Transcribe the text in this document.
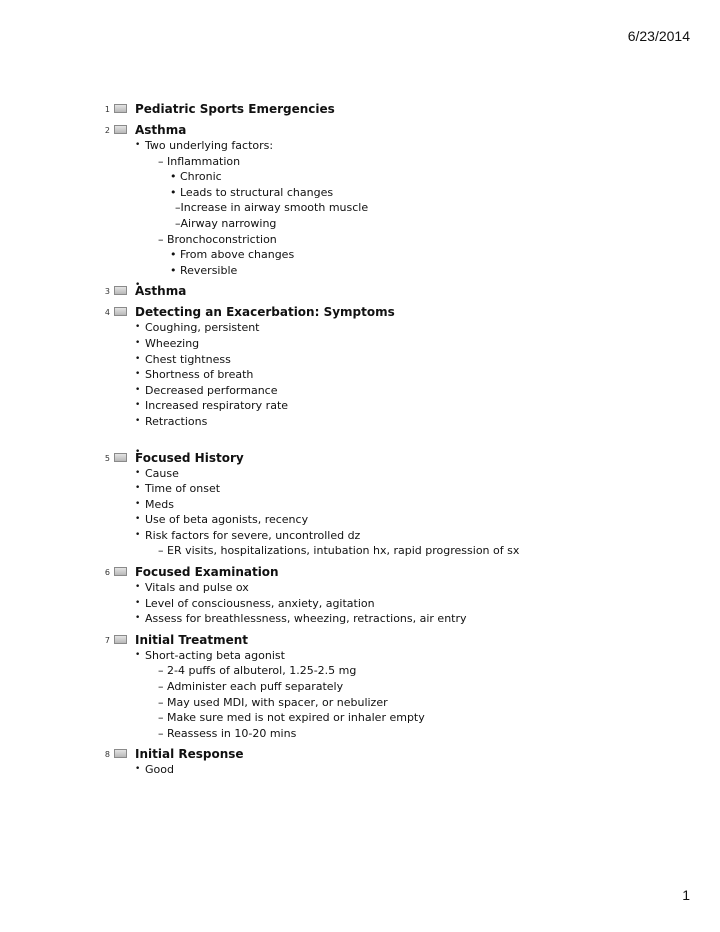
6/23/2014
1 Pediatric Sports Emergencies
2 Asthma
• Two underlying factors:
– Inflammation
• Chronic
• Leads to structural changes
–Increase in airway smooth muscle
–Airway narrowing
– Bronchoconstriction
• From above changes
• Reversible
3 Asthma
4 Detecting an Exacerbation: Symptoms
• Coughing, persistent
• Wheezing
• Chest tightness
• Shortness of breath
• Decreased performance
• Increased respiratory rate
• Retractions
5 Focused History
• Cause
• Time of onset
• Meds
• Use of beta agonists, recency
• Risk factors for severe, uncontrolled dz
– ER visits, hospitalizations, intubation hx, rapid progression of sx
6 Focused Examination
• Vitals and pulse ox
• Level of consciousness, anxiety, agitation
• Assess for breathlessness, wheezing, retractions, air entry
7 Initial Treatment
• Short-acting beta agonist
– 2-4 puffs of albuterol, 1.25-2.5 mg
– Administer each puff separately
– May used MDI, with spacer, or nebulizer
– Make sure med is not expired or inhaler empty
– Reassess in 10-20 mins
8 Initial Response
• Good
1
